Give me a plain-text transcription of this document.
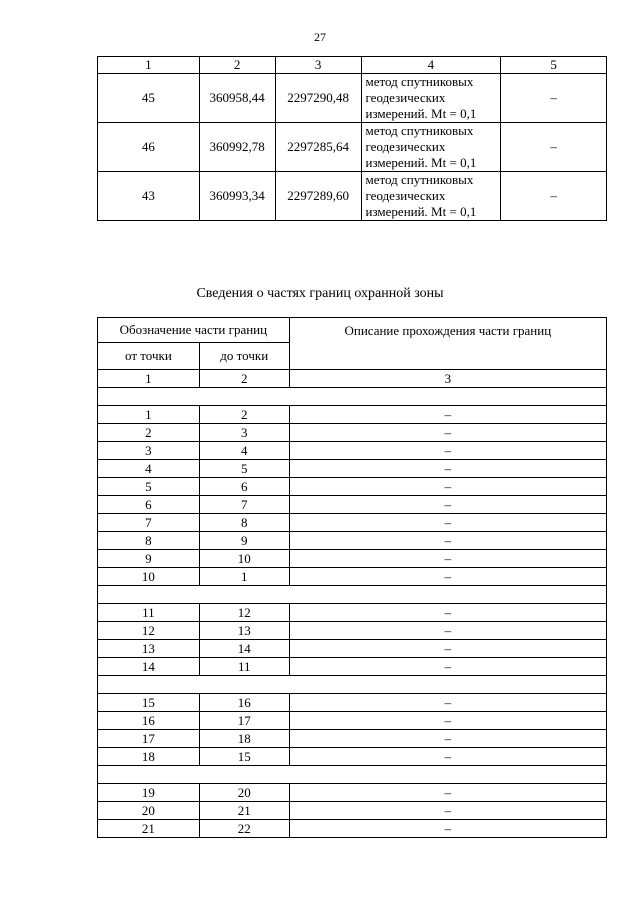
27
1	2	3	4	5
45	360958,44	2297290,48	метод спутниковых
геодезических
измерений. Mt = 0,1	–
46	360992,78	2297285,64	метод спутниковых
геодезических
измерений. Mt = 0,1	–
43	360993,34	2297289,60	метод спутниковых
геодезических
измерений. Mt = 0,1	–
Сведения о частях границ охранной зоны
Обозначение части границ		Описание прохождения части границ
от точки	до точки	
1	2	3

1	2	–
2	3	–
3	4	–
4	5	–
5	6	–
6	7	–
7	8	–
8	9	–
9	10	–
10	1	–

11	12	–
12	13	–
13	14	–
14	11	–

15	16	–
16	17	–
17	18	–
18	15	–

19	20	–
20	21	–
21	22	–
